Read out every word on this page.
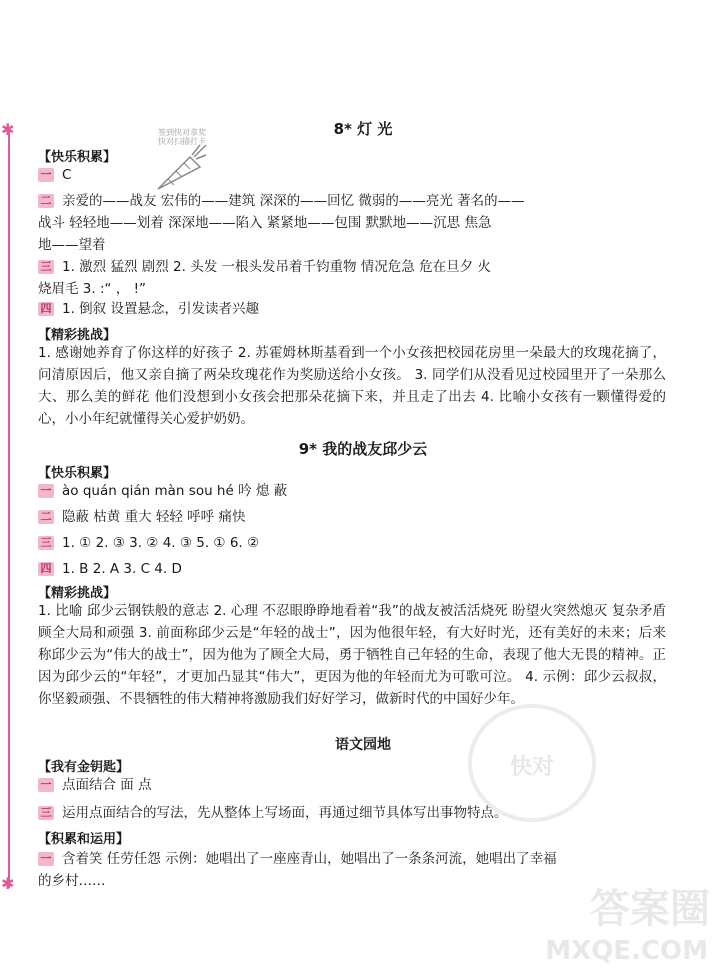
✱
✱
签到快对拿奖
快对扫描打卡
8* 灯 光
【快乐积累】
一 C
二 亲爱的——战友 宏伟的——建筑 深深的——回忆 微弱的——亮光 著名的——
战斗 轻轻地——划着 深深地——陷入 紧紧地——包围 默默地——沉思 焦急
地——望着
三 1. 激烈 猛烈 剧烈 2. 头发 一根头发吊着千钧重物 情况危急 危在旦夕 火
烧眉毛 3. :“ ， !”
四 1. 倒叙 设置悬念，引发读者兴趣
【精彩挑战】
1. 感谢她养育了你这样的好孩子 2. 苏霍姆林斯基看到一个小女孩把校园花房里一朵最大的玫瑰花摘了，问清原因后，他又亲自摘了两朵玫瑰花作为奖励送给小女孩。 3. 同学们从没看见过校园里开了一朵那么大、那么美的鲜花 他们没想到小女孩会把那朵花摘下来，并且走了出去 4. 比喻小女孩有一颗懂得爱的心，小小年纪就懂得关心爱护奶奶。
9* 我的战友邱少云
【快乐积累】
一 ào quán qián màn sou hé 吟 熄 蔽
二 隐蔽 枯黄 重大 轻轻 呼呼 痛快
三 1. ① 2. ③ 3. ② 4. ③ 5. ① 6. ②
四 1. B 2. A 3. C 4. D
【精彩挑战】
1. 比喻 邱少云钢铁般的意志 2. 心理 不忍眼睁睁地看着“我”的战友被活活烧死 盼望火突然熄灭 复杂矛盾 顾全大局和顽强 3. 前面称邱少云是“年轻的战士”，因为他很年轻，有大好时光，还有美好的未来；后来称邱少云为“伟大的战士”，因为他为了顾全大局，勇于牺牲自己年轻的生命，表现了他大无畏的精神。正因为邱少云的“年轻”，才更加凸显其“伟大”，更因为他的年轻而尤为可歌可泣。 4. 示例：邱少云叔叔，你坚毅顽强、不畏牺牲的伟大精神将激励我们好好学习，做新时代的中国好少年。
语文园地
【我有金钥匙】
一 点面结合 面 点
三 运用点面结合的写法，先从整体上写场面，再通过细节具体写出事物特点。
【积累和运用】
一 含着笑 任劳任怨 示例：她唱出了一座座青山，她唱出了一条条河流，她唱出了幸福
的乡村……
快对
答案圈
MXQE.COM
